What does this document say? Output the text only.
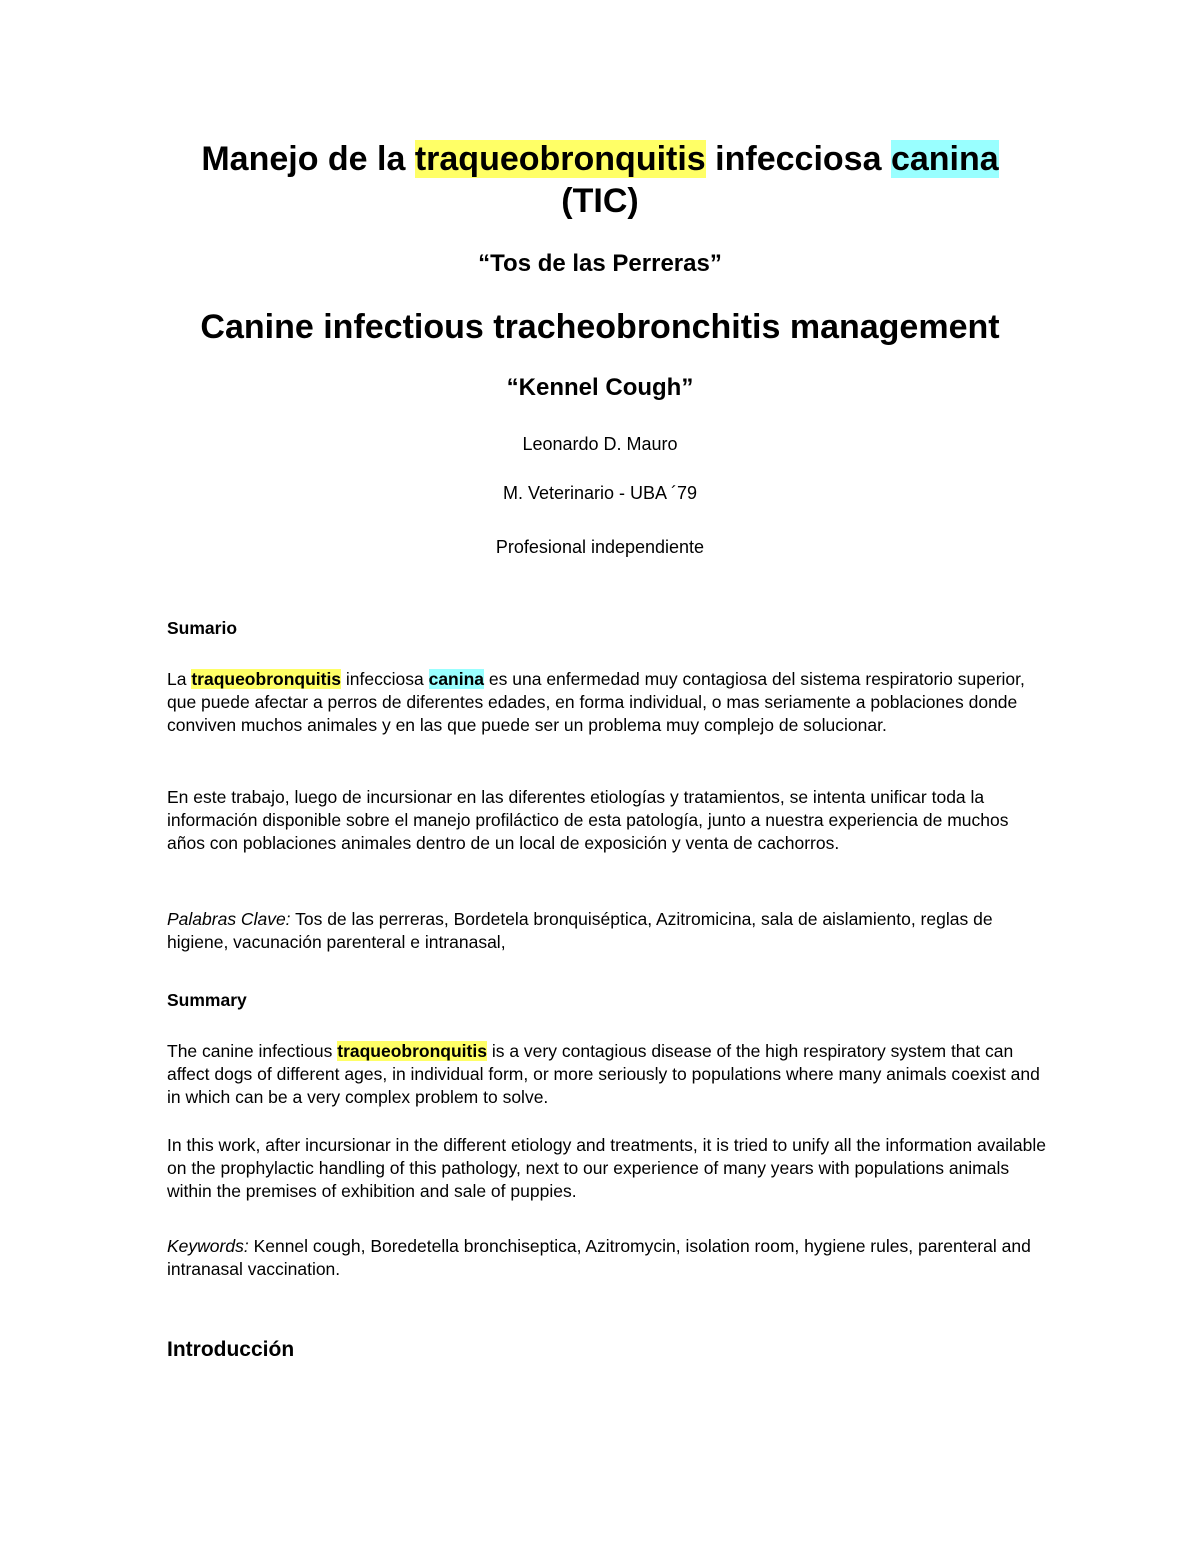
Manejo de la traqueobronquitis infecciosa canina
(TIC)

“Tos de las Perreras”

Canine infectious tracheobronchitis management

“Kennel Cough”

Leonardo D. Mauro

M. Veterinario - UBA ´79

Profesional independiente

Sumario

La traqueobronquitis infecciosa canina es una enfermedad muy contagiosa del sistema respiratorio superior, que puede afectar a perros de diferentes edades, en forma individual, o mas seriamente a poblaciones donde conviven muchos animales y en las que puede ser un problema muy complejo de solucionar.

En este trabajo, luego de incursionar en las diferentes etiologías y tratamientos, se intenta unificar toda la información disponible sobre el manejo profiláctico de esta patología, junto a nuestra experiencia de muchos años con poblaciones animales dentro de un local de exposición y venta de cachorros.

Palabras Clave: Tos de las perreras, Bordetela bronquiséptica, Azitromicina, sala de aislamiento, reglas de higiene, vacunación parenteral e intranasal,

Summary

The canine infectious traqueobronquitis is a very contagious disease of the high respiratory system that can affect dogs of different ages, in individual form, or more seriously to populations where many animals coexist and in which can be a very complex problem to solve.

In this work, after incursionar in the different etiology and treatments, it is tried to unify all the information available on the prophylactic handling of this pathology, next to our experience of many years with populations animals within the premises of exhibition and sale of puppies.

Keywords: Kennel cough, Boredetella bronchiseptica, Azitromycin, isolation room, hygiene rules, parenteral and intranasal vaccination.

Introducción
